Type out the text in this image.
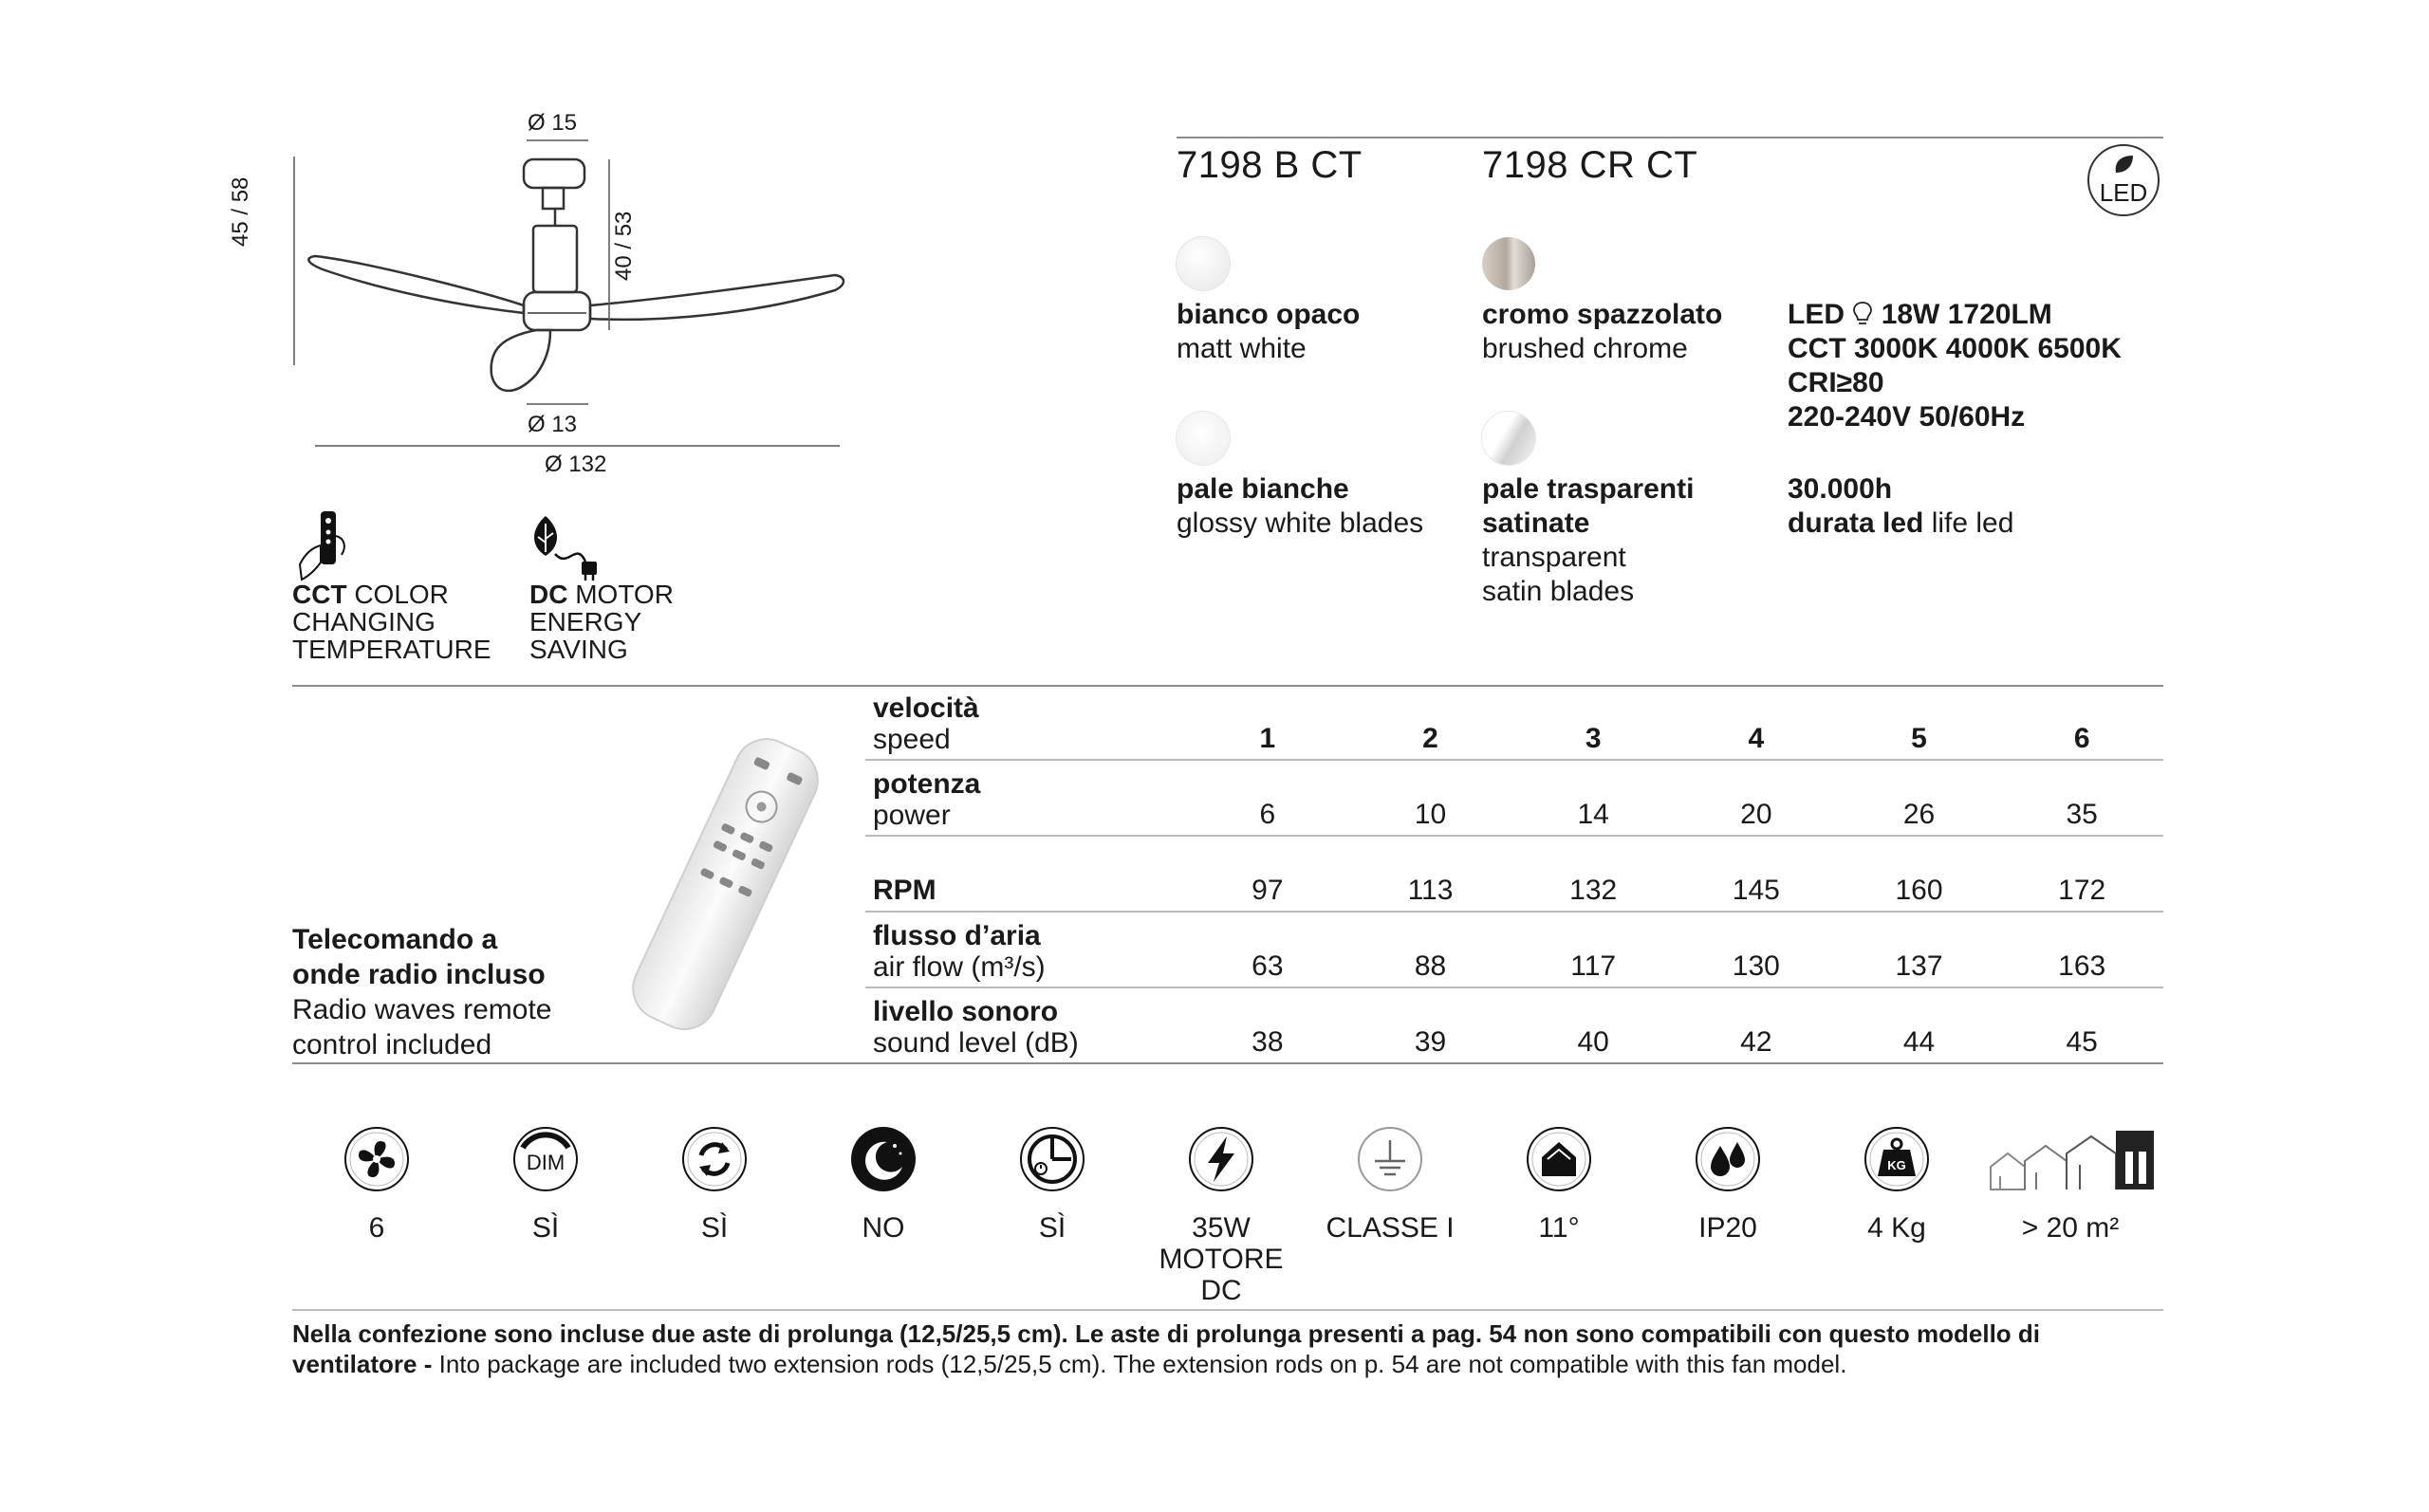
Ø 15
45 / 58	40 / 53
Ø 13
Ø 132
CCT COLOR
CHANGING
TEMPERATURE
DC MOTOR
ENERGY
SAVING
7198 B CT	7198 CR CT
LED
bianco opaco
matt white
cromo spazzolato
brushed chrome
pale bianche
glossy white blades
pale trasparenti
satinate
transparent
satin blades
LED 18W 1720LM
CCT 3000K 4000K 6500K
CRI≥80
220-240V 50/60Hz
30.000h
durata led life led
Telecomando a
onde radio incluso
Radio waves remote
control included
velocità
speed	1	2	3	4	5	6
potenza
power	6	10	14	20	26	35
RPM	97	113	132	145	160	172
flusso d’aria
air flow (m³/s)	63	88	117	130	137	163
livello sonoro
sound level (dB)	38	39	40	42	44	45
6
DIM
SÌ	SÌ	NO	SÌ	35W
MOTORE
DC
CLASSE I	11°	IP20
KG
4 Kg	> 20 m²
Nella confezione sono incluse due aste di prolunga (12,5/25,5 cm). Le aste di prolunga presenti a pag. 54 non sono compatibili con questo modello di
ventilatore - Into package are included two extension rods (12,5/25,5 cm). The extension rods on p. 54 are not compatible with this fan model.
